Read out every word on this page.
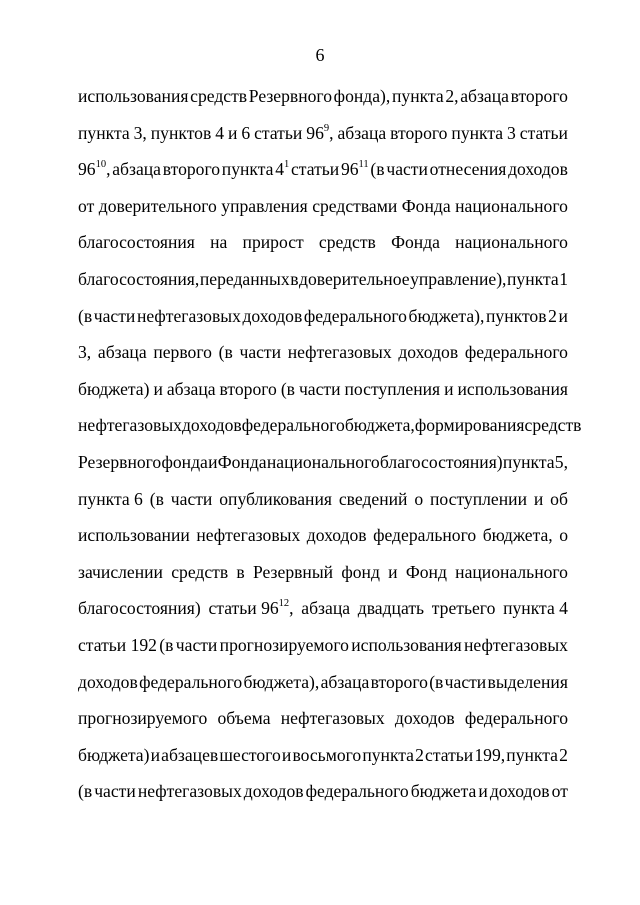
6
использования средств Резервного фонда), пункта 2, абзаца второго
пункта 3, пунктов 4 и 6 статьи $96^9$, абзаца второго пункта 3 статьи
$96^{10}$, абзаца второго пункта $4^1$ статьи $96^{11}$ (в части отнесения доходов
от доверительного управления средствами Фонда национального
благосостояния на прирост средств Фонда национального
благосостояния, переданных в доверительное управление), пункта 1
(в части нефтегазовых доходов федерального бюджета), пунктов 2 и
3, абзаца первого (в части нефтегазовых доходов федерального
бюджета) и абзаца второго (в части поступления и использования
нефтегазовых доходов федерального бюджета, формирования средств
Резервного фонда и Фонда национального благосостояния) пункта 5,
пункта 6 (в части опубликования сведений о поступлении и об
использовании нефтегазовых доходов федерального бюджета, о
зачислении средств в Резервный фонд и Фонд национального
благосостояния) статьи $96^{12}$, абзаца двадцать третьего пункта 4
статьи 192 (в части прогнозируемого использования нефтегазовых
доходов федерального бюджета), абзаца второго (в части выделения
прогнозируемого объема нефтегазовых доходов федерального
бюджета) и абзацев шестого и восьмого пункта 2 статьи 199, пункта 2
(в части нефтегазовых доходов федерального бюджета и доходов от
